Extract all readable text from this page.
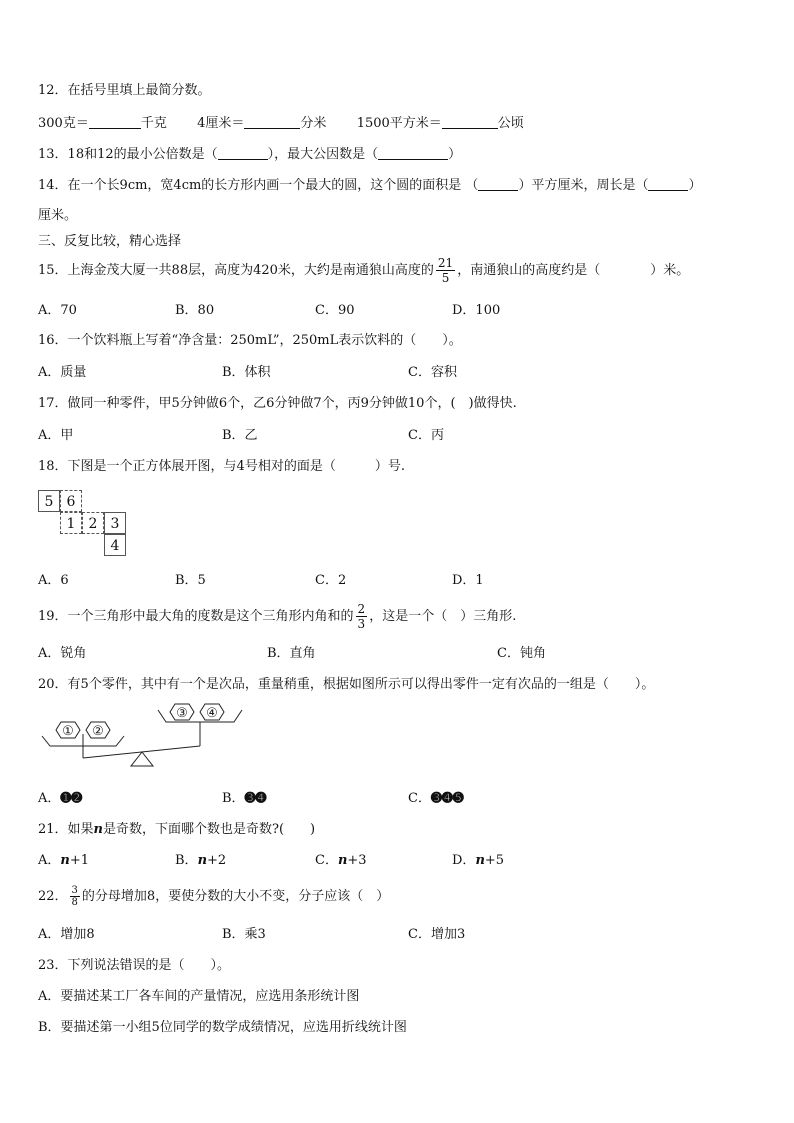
12．在括号里填上最简分数。
300克＝	千克 4厘米＝	分米 1500平方米＝	公顷
13．18和12的最小公倍数是（	），最大公因数是（	）
14．在一个长9cm，宽4cm的长方形内画一个最大的圆，这个圆的面积是 （	）平方厘米，周长是（	）
厘米。
三、反复比较，精心选择
15．上海金茂大厦一共88层，高度为420米，大约是南通狼山高度的 $\frac{21}{5}$ ，南通狼山的高度约是（	）米。
A．70	B．80	C．90	D．100
16．一个饮料瓶上写着“净含量：250mL”，250mL表示饮料的（　　）。
A．质量	B．体积	C．容积
17．做同一种零件，甲5分钟做6个，乙6分钟做7个，丙9分钟做10个，(　)做得快.
A．甲	B．乙	C．丙
18．下图是一个正方体展开图，与4号相对的面是（　　　）号.
5 6
1 2 3
4
A．6	B．5	C．2	D．1
19．一个三角形中最大角的度数是这个三角形内角和的 $\frac{2}{3}$ ，这是一个（　）三角形.
A．锐角	B．直角	C．钝角
20．有5个零件，其中有一个是次品，重量稍重，根据如图所示可以得出零件一定有次品的一组是（　　）。
① ②
③ ④
A．➊➋	B．➌➍	C．➌➍➎
21．如果n是奇数，下面哪个数也是奇数?(　　)
A．n+1	B．n+2	C．n+3	D．n+5
22． $\frac{3}{8}$ 的分母增加8，要使分数的大小不变，分子应该（　）
A．增加8	B．乘3	C．增加3
23．下列说法错误的是（　　）。
A．要描述某工厂各车间的产量情况，应选用条形统计图
B．要描述第一小组5位同学的数学成绩情况，应选用折线统计图
